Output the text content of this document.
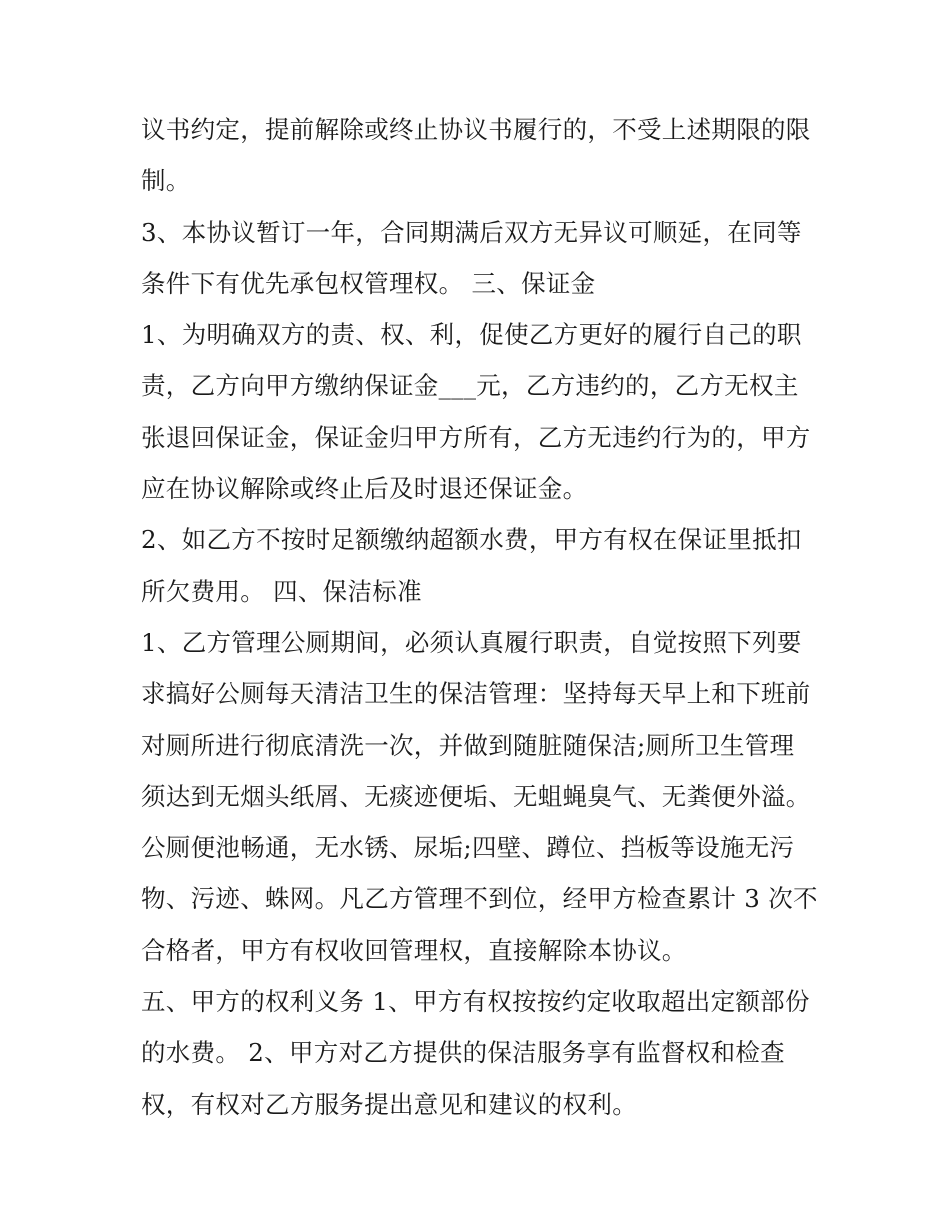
议书约定，提前解除或终止协议书履行的，不受上述期限的限
制。
3、本协议暂订一年，合同期满后双方无异议可顺延，在同等
条件下有优先承包权管理权。 三、保证金
1、为明确双方的责、权、利，促使乙方更好的履行自己的职
责，乙方向甲方缴纳保证金___元，乙方违约的，乙方无权主
张退回保证金，保证金归甲方所有，乙方无违约行为的，甲方
应在协议解除或终止后及时退还保证金。
2、如乙方不按时足额缴纳超额水费，甲方有权在保证里抵扣
所欠费用。 四、保洁标准
1、乙方管理公厕期间，必须认真履行职责，自觉按照下列要
求搞好公厕每天清洁卫生的保洁管理：坚持每天早上和下班前
对厕所进行彻底清洗一次，并做到随脏随保洁;厕所卫生管理
须达到无烟头纸屑、无痰迹便垢、无蛆蝇臭气、无粪便外溢。
公厕便池畅通，无水锈、尿垢;四壁、蹲位、挡板等设施无污
物、污迹、蛛网。凡乙方管理不到位，经甲方检查累计 3 次不
合格者，甲方有权收回管理权，直接解除本协议。
五、甲方的权利义务 1、甲方有权按按约定收取超出定额部份
的水费。 2、甲方对乙方提供的保洁服务享有监督权和检查
权，有权对乙方服务提出意见和建议的权利。
